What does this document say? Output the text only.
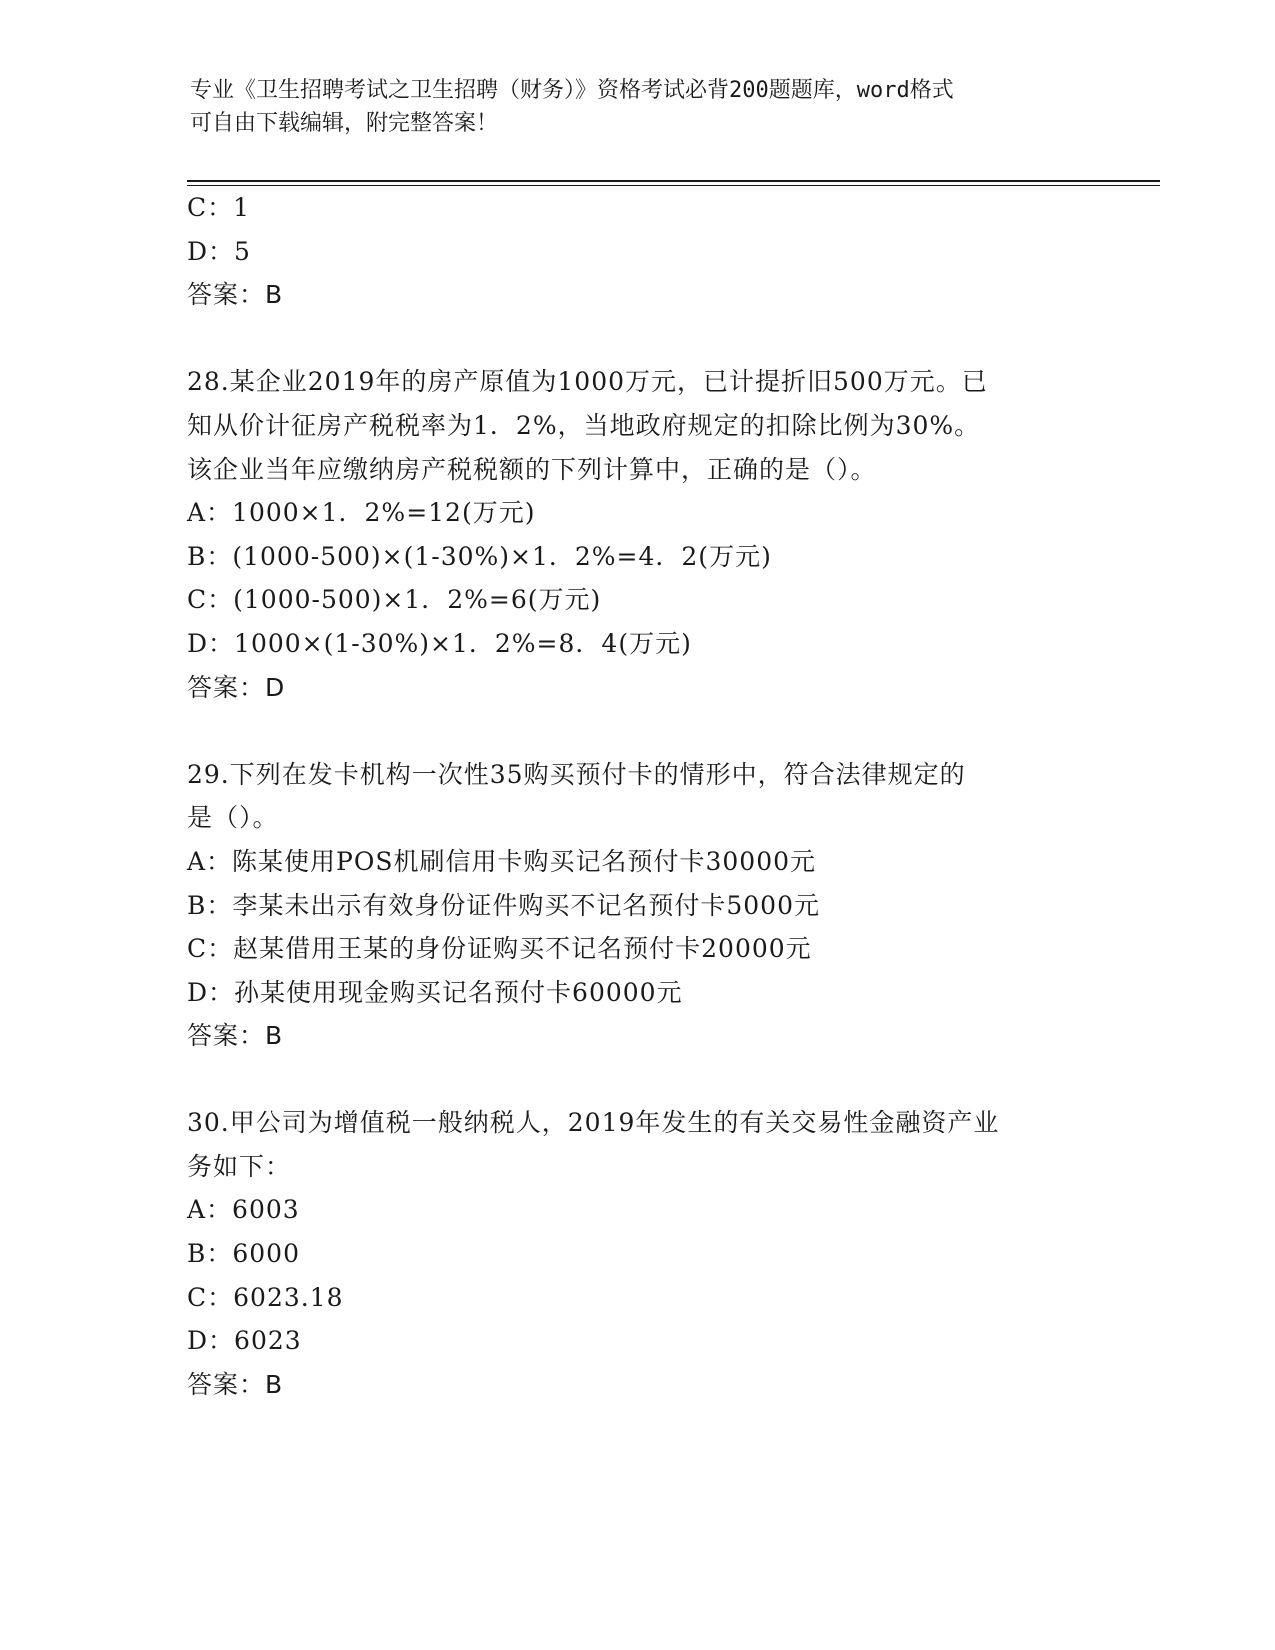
专业《卫生招聘考试之卫生招聘（财务）》资格考试必背200题题库，word格式
可自由下载编辑，附完整答案！
C：1
D：5
答案：B
28.某企业2019年的房产原值为1000万元，已计提折旧500万元。已
知从价计征房产税税率为1．2%，当地政府规定的扣除比例为30%。
该企业当年应缴纳房产税税额的下列计算中，正确的是（）。
A：1000×1．2%=12(万元)
B：(1000-500)×(1-30%)×1．2%=4．2(万元)
C：(1000-500)×1．2%=6(万元)
D：1000×(1-30%)×1．2%=8．4(万元)
答案：D
29.下列在发卡机构一次性35购买预付卡的情形中，符合法律规定的
是（）。
A：陈某使用POS机刷信用卡购买记名预付卡30000元
B：李某未出示有效身份证件购买不记名预付卡5000元
C：赵某借用王某的身份证购买不记名预付卡20000元
D：孙某使用现金购买记名预付卡60000元
答案：B
30.甲公司为增值税一般纳税人，2019年发生的有关交易性金融资产业
务如下：
A：6003
B：6000
C：6023.18
D：6023
答案：B
